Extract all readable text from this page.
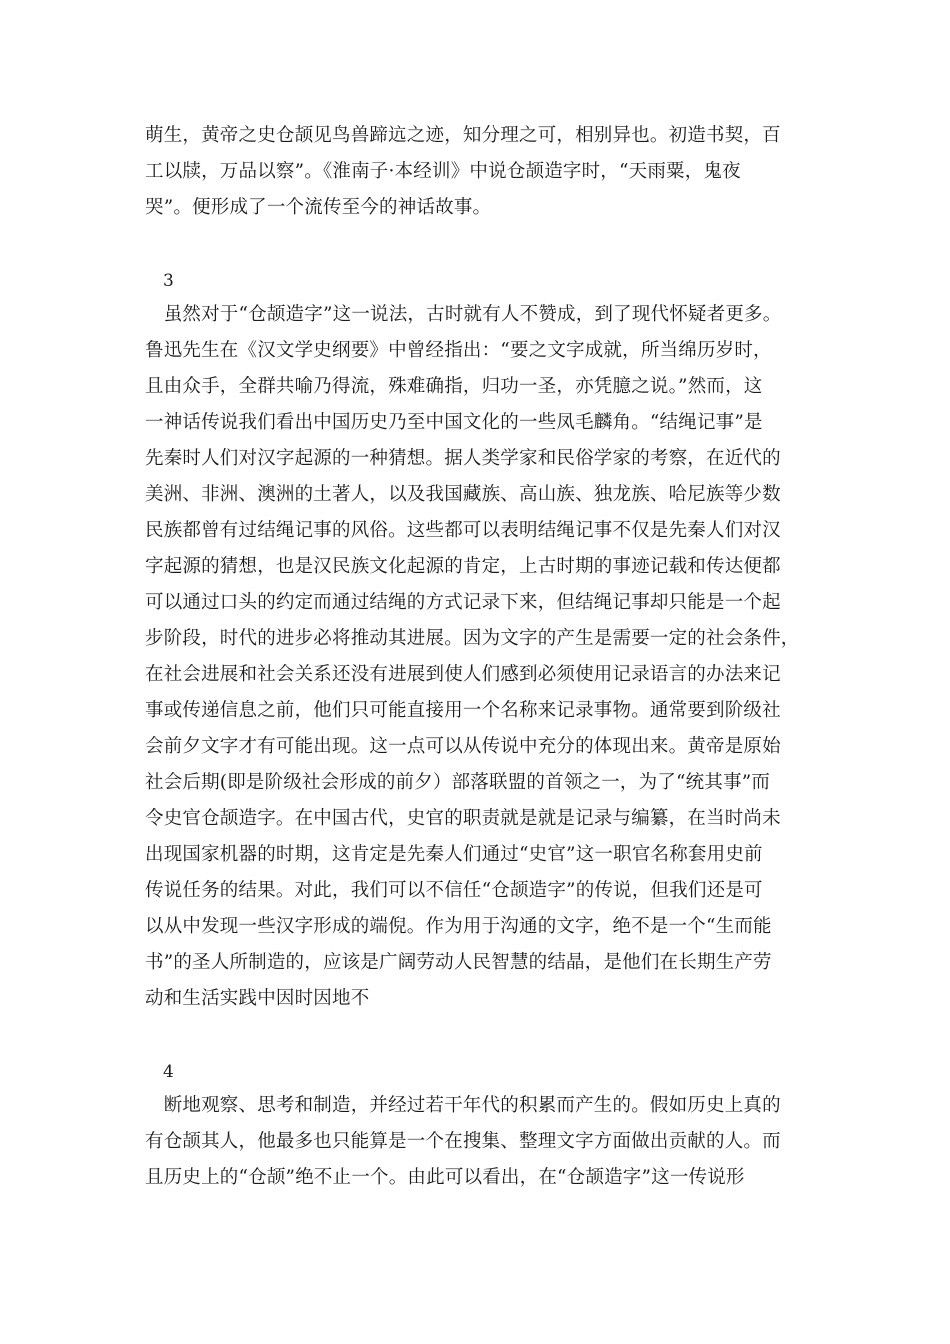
萌生，黄帝之史仓颉见鸟兽蹄迒之迹，知分理之可，相别异也。初造书契，百
工以牍，万品以察”。《淮南子·本经训》中说仓颉造字时，“天雨粟，鬼夜
哭”。便形成了一个流传至今的神话故事。
3
　虽然对于“仓颉造字”这一说法，古时就有人不赞成，到了现代怀疑者更多。
鲁迅先生在《汉文学史纲要》中曾经指出：“要之文字成就，所当绵历岁时，
且由众手，全群共喻乃得流，殊难确指，归功一圣，亦凭臆之说。”然而，这
一神话传说我们看出中国历史乃至中国文化的一些凤毛麟角。“结绳记事”是
先秦时人们对汉字起源的一种猜想。据人类学家和民俗学家的考察，在近代的
美洲、非洲、澳洲的土著人，以及我国藏族、高山族、独龙族、哈尼族等少数
民族都曾有过结绳记事的风俗。这些都可以表明结绳记事不仅是先秦人们对汉
字起源的猜想，也是汉民族文化起源的肯定，上古时期的事迹记载和传达便都
可以通过口头的约定而通过结绳的方式记录下来，但结绳记事却只能是一个起
步阶段，时代的进步必将推动其进展。因为文字的产生是需要一定的社会条件，
在社会进展和社会关系还没有进展到使人们感到必须使用记录语言的办法来记
事或传递信息之前，他们只可能直接用一个名称来记录事物。通常要到阶级社
会前夕文字才有可能出现。这一点可以从传说中充分的体现出来。黄帝是原始
社会后期(即是阶级社会形成的前夕）部落联盟的首领之一，为了“统其事”而
令史官仓颉造字。在中国古代，史官的职责就是就是记录与编纂，在当时尚未
出现国家机器的时期，这肯定是先秦人们通过“史官”这一职官名称套用史前
传说任务的结果。对此，我们可以不信任“仓颉造字”的传说，但我们还是可
以从中发现一些汉字形成的端倪。作为用于沟通的文字，绝不是一个“生而能
书”的圣人所制造的，应该是广阔劳动人民智慧的结晶，是他们在长期生产劳
动和生活实践中因时因地不
4
　断地观察、思考和制造，并经过若干年代的积累而产生的。假如历史上真的
有仓颉其人，他最多也只能算是一个在搜集、整理文字方面做出贡献的人。而
且历史上的“仓颉”绝不止一个。由此可以看出，在“仓颉造字”这一传说形
